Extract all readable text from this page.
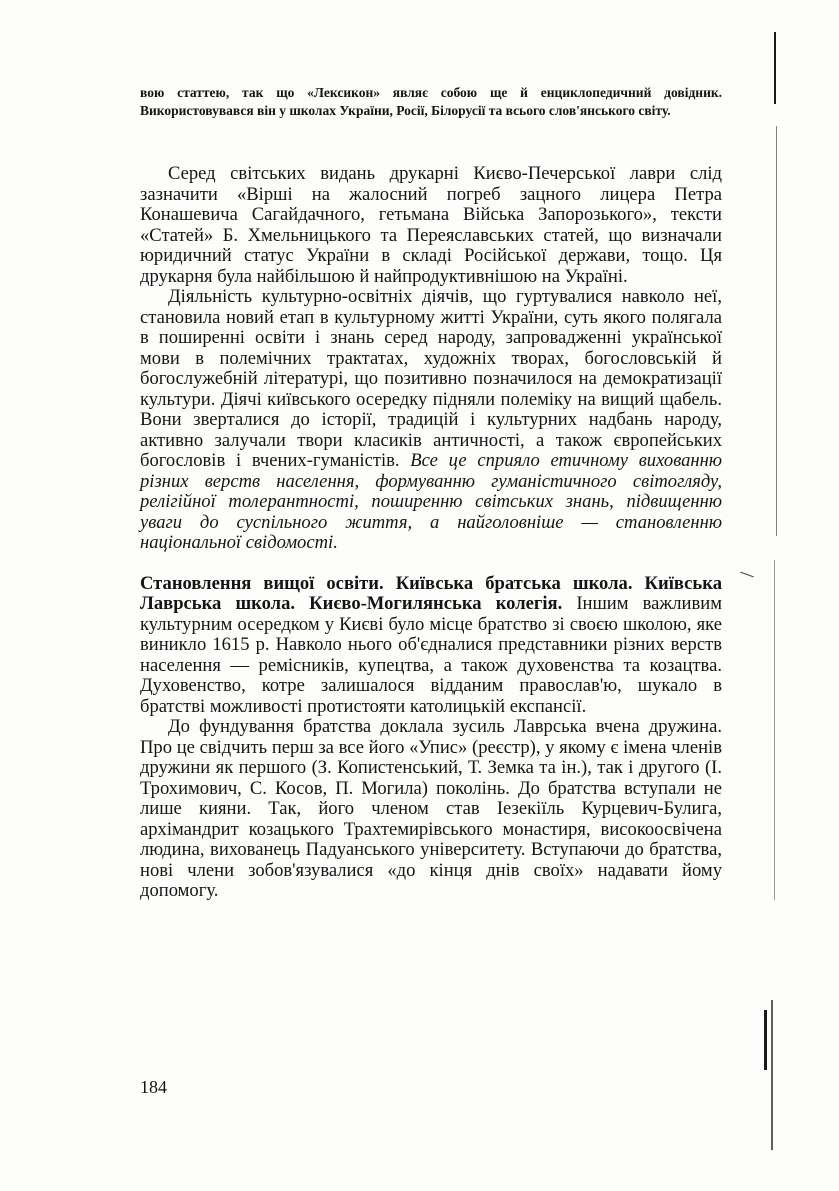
вою статтею, так що «Лексикон» являє собою ще й енциклопедичний довідник. Використовувався він у школах України, Росії, Білорусії та всього слов'янського світу.

Серед світських видань друкарні Києво-Печерської лаври слід зазначити «Вірші на жалосний погреб зацного лицера Петра Конашевича Сагайдачного, гетьмана Війська Запорозького», тексти «Статей» Б. Хмельницького та Переяславських статей, що визначали юридичний статус України в складі Російської держави, тощо. Ця друкарня була найбільшою й найпродуктивнішою на Україні.

Діяльність культурно-освітніх діячів, що гуртувалися навколо неї, становила новий етап в культурному житті України, суть якого полягала в поширенні освіти і знань серед народу, запровадженні української мови в полемічних трактатах, художніх творах, богословській й богослужебній літературі, що позитивно позначилося на демократизації культури. Діячі київського осередку підняли полеміку на вищий щабель. Вони зверталися до історії, традицій і культурних надбань народу, активно залучали твори класиків античності, а також європейських богословів і вчених-гуманістів. Все це сприяло етичному вихованню різних верств населення, формуванню гуманістичного світогляду, релігійної толерантності, поширенню світських знань, підвищенню уваги до суспільного життя, а найголовніше — становленню національної свідомості.

Становлення вищої освіти. Київська братська школа. Київська Лаврська школа. Києво-Могилянська колегія. Іншим важливим культурним осередком у Києві було місце братство зі своєю школою, яке виникло 1615 р. Навколо нього об'єдналися представники різних верств населення — ремісників, купецтва, а також духовенства та козацтва. Духовенство, котре залишалося відданим православ'ю, шукало в братстві можливості протистояти католицькій експансії.

До фундування братства доклала зусиль Лаврська вчена дружина. Про це свідчить перш за все його «Упис» (реєстр), у якому є імена членів дружини як першого (З. Копистенський, Т. Земка та ін.), так і другого (І. Трохимович, С. Косов, П. Могила) поколінь. До братства вступали не лише кияни. Так, його членом став Іезекіїль Курцевич-Булига, архімандрит козацького Трахтемирівського монастиря, високоосвічена людина, вихованець Падуанського університету. Вступаючи до братства, нові члени зобов'язувалися «до кінця днів своїх» надавати йому допомогу.

184
